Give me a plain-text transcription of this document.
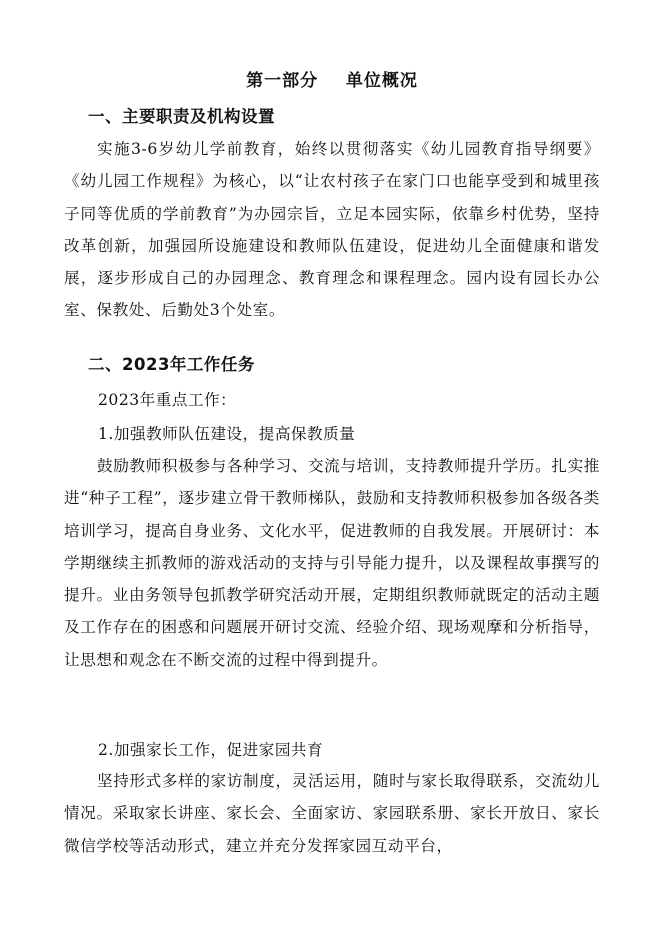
第一部分    单位概况
一、主要职责及机构设置

实施3-6岁幼儿学前教育，始终以贯彻落实《幼儿园教育指导纲要》《幼儿园工作规程》为核心，以“让农村孩子在家门口也能享受到和城里孩子同等优质的学前教育”为办园宗旨，立足本园实际，依靠乡村优势，坚持改革创新，加强园所设施建设和教师队伍建设，促进幼儿全面健康和谐发展，逐步形成自己的办园理念、教育理念和课程理念。园内设有园长办公室、保教处、后勤处3个处室。

二、2023年工作任务
2023年重点工作：
1.加强教师队伍建设，提高保教质量

鼓励教师积极参与各种学习、交流与培训，支持教师提升学历。扎实推进“种子工程”，逐步建立骨干教师梯队，鼓励和支持教师积极参加各级各类培训学习，提高自身业务、文化水平，促进教师的自我发展。开展研讨：本学期继续主抓教师的游戏活动的支持与引导能力提升，以及课程故事撰写的提升。业由务领导包抓教学研究活动开展，定期组织教师就既定的活动主题及工作存在的困惑和问题展开研讨交流、经验介绍、现场观摩和分析指导，让思想和观念在不断交流的过程中得到提升。

2.加强家长工作，促进家园共育

坚持形式多样的家访制度，灵活运用，随时与家长取得联系，交流幼儿情况。采取家长讲座、家长会、全面家访、家园联系册、家长开放日、家长微信学校等活动形式，建立并充分发挥家园互动平台，
